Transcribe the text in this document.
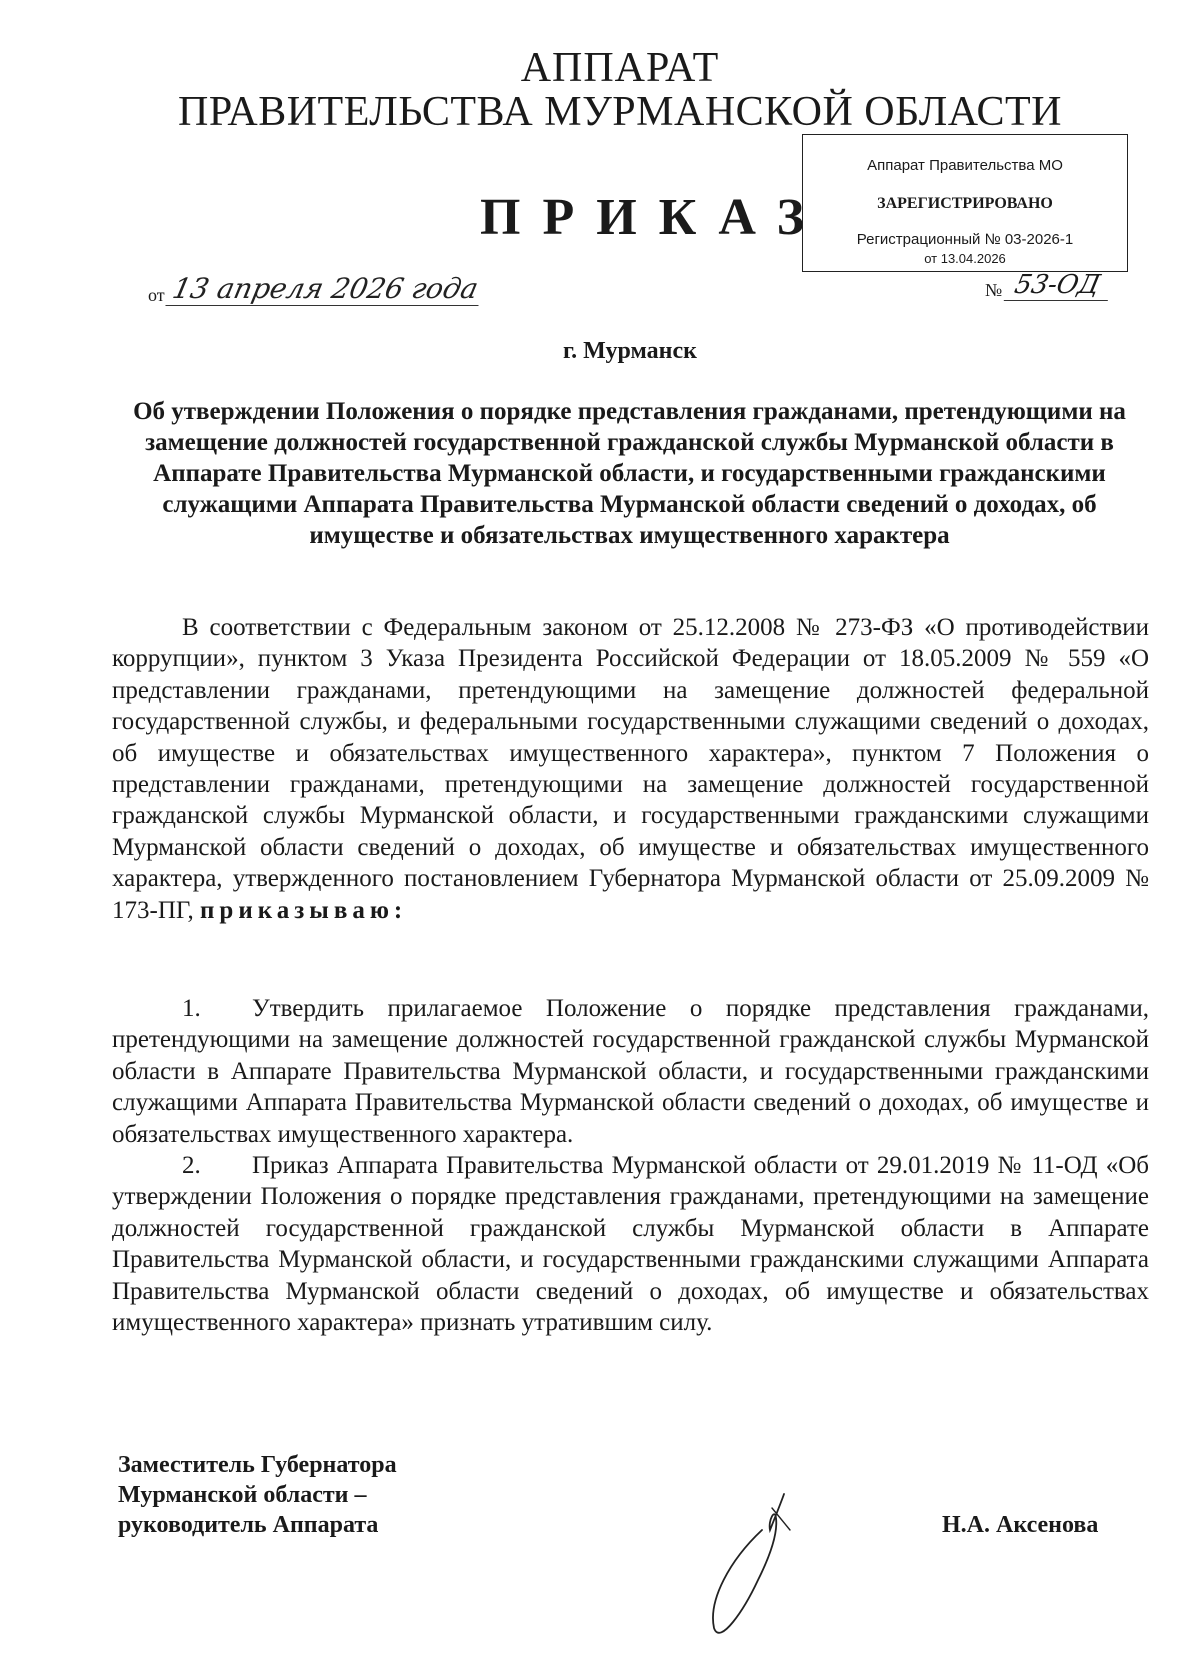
АППАРАТ
ПРАВИТЕЛЬСТВА МУРМАНСКОЙ ОБЛАСТИ
ПРИКАЗ
Аппарат Правительства МО
ЗАРЕГИСТРИРОВАНО
Регистрационный № 03-2026-1
от 13.04.2026
от 13 апреля 2026 года	№ 53-ОД
г. Мурманск
Об утверждении Положения о порядке представления гражданами, претендующими на замещение должностей государственной гражданской службы Мурманской области в Аппарате Правительства Мурманской области, и государственными гражданскими служащими Аппарата Правительства Мурманской области сведений о доходах, об имуществе и обязательствах имущественного характера
В соответствии с Федеральным законом от 25.12.2008 № 273-ФЗ «О противодействии коррупции», пунктом 3 Указа Президента Российской Федерации от 18.05.2009 № 559 «О представлении гражданами, претендующими на замещение должностей федеральной государственной службы, и федеральными государственными служащими сведений о доходах, об имуществе и обязательствах имущественного характера», пунктом 7 Положения о представлении гражданами, претендующими на замещение должностей государственной гражданской службы Мурманской области, и государственными гражданскими служащими Мурманской области сведений о доходах, об имуществе и обязательствах имущественного характера, утвержденного постановлением Губернатора Мурманской области от 25.09.2009 № 173-ПГ, приказываю:
1. Утвердить прилагаемое Положение о порядке представления гражданами, претендующими на замещение должностей государственной гражданской службы Мурманской области в Аппарате Правительства Мурманской области, и государственными гражданскими служащими Аппарата Правительства Мурманской области сведений о доходах, об имуществе и обязательствах имущественного характера.
2. Приказ Аппарата Правительства Мурманской области от 29.01.2019 № 11-ОД «Об утверждении Положения о порядке представления гражданами, претендующими на замещение должностей государственной гражданской службы Мурманской области в Аппарате Правительства Мурманской области, и государственными гражданскими служащими Аппарата Правительства Мурманской области сведений о доходах, об имуществе и обязательствах имущественного характера» признать утратившим силу.
Заместитель Губернатора
Мурманской области –
руководитель Аппарата	Н.А. Аксенова
